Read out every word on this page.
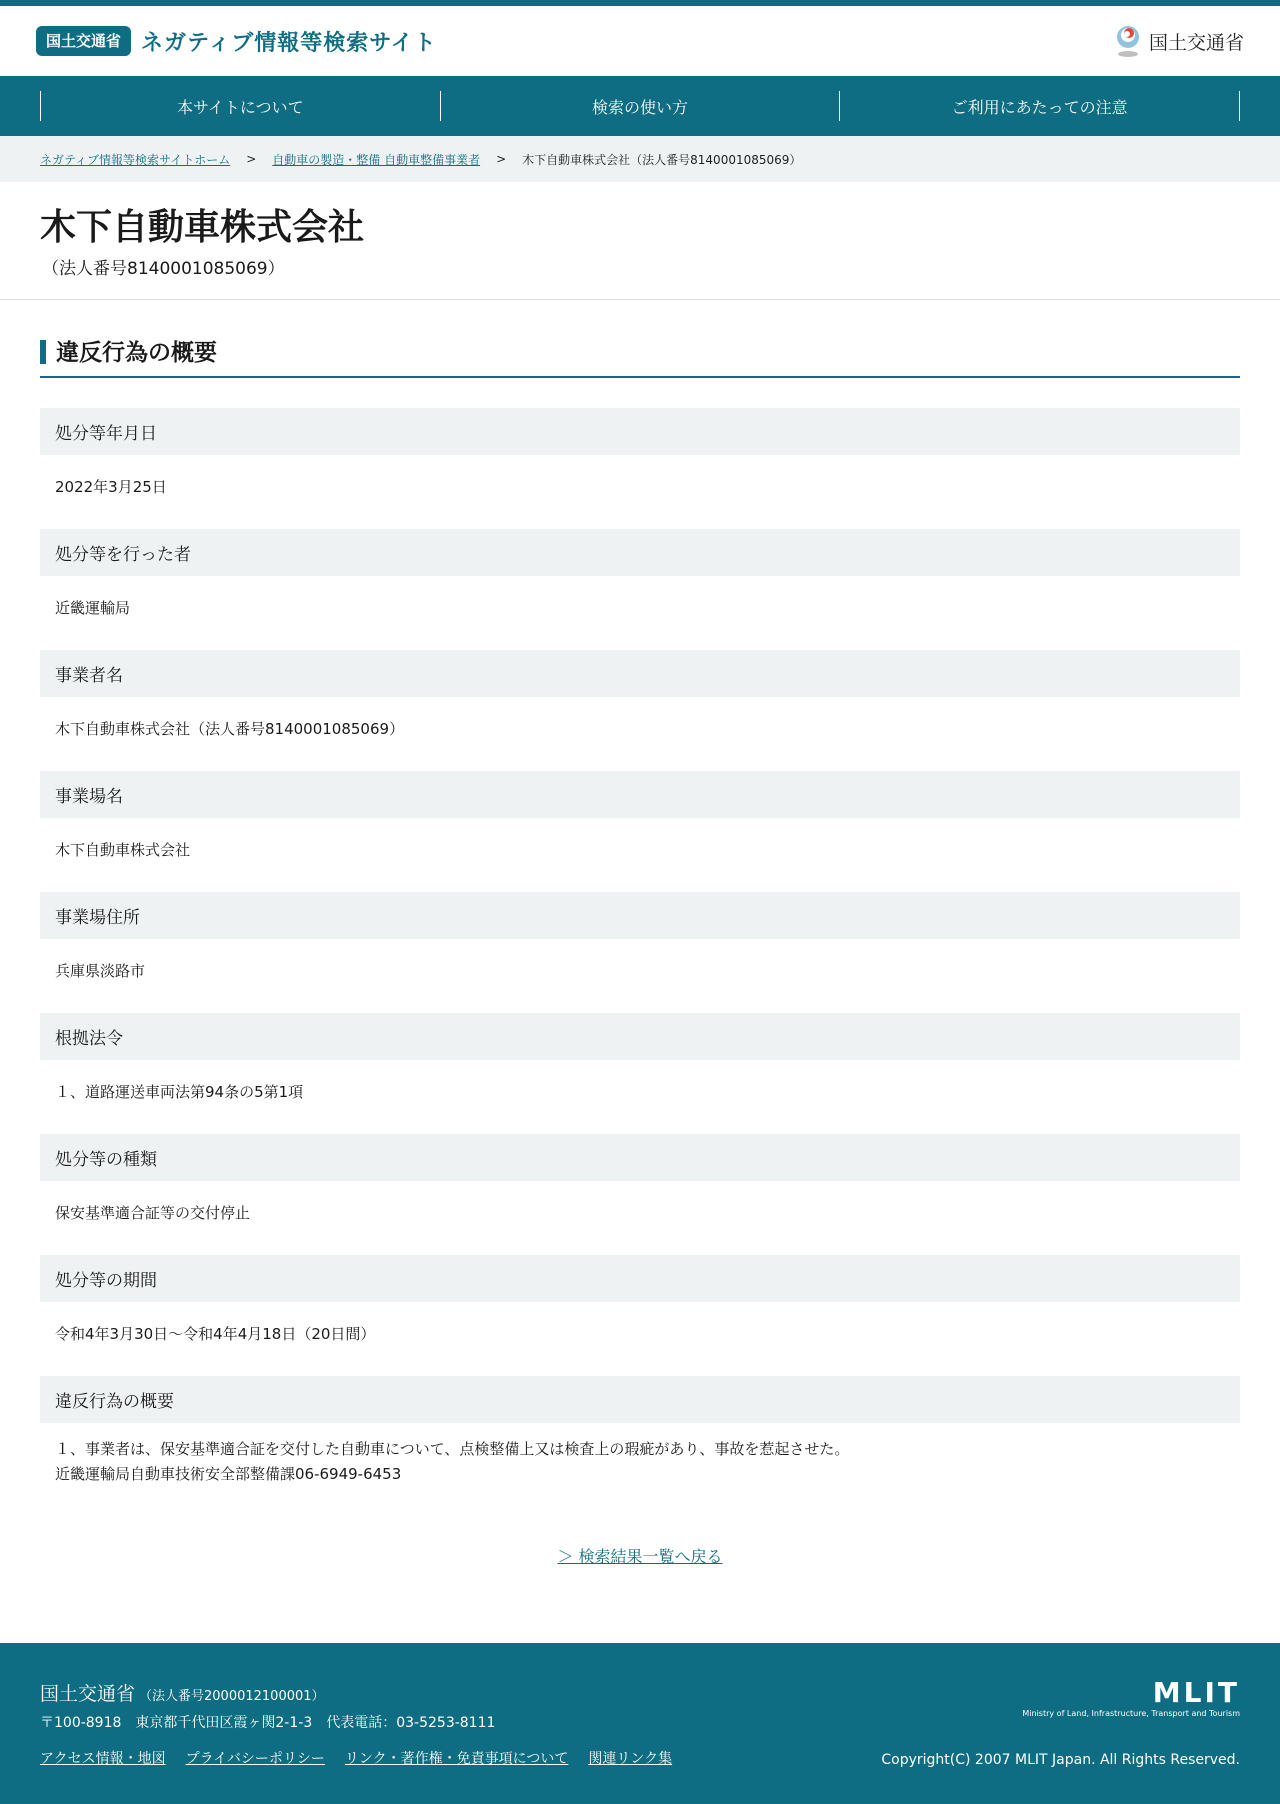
国土交通省 ネガティブ情報等検索サイト	国土交通省
本サイトについて	検索の使い方	ご利用にあたっての注意
ネガティブ情報等検索サイトホーム > 自動車の製造・整備 自動車整備事業者 > 木下自動車株式会社（法人番号8140001085069）
木下自動車株式会社
（法人番号8140001085069）
違反行為の概要
処分等年月日
2022年3月25日
処分等を行った者
近畿運輸局
事業者名
木下自動車株式会社（法人番号8140001085069）
事業場名
木下自動車株式会社
事業場住所
兵庫県淡路市
根拠法令
１、道路運送車両法第94条の5第1項
処分等の種類
保安基準適合証等の交付停止
処分等の期間
令和4年3月30日〜令和4年4月18日（20日間）
違反行為の概要
１、事業者は、保安基準適合証を交付した自動車について、点検整備上又は検査上の瑕疵があり、事故を惹起させた。
近畿運輸局自動車技術安全部整備課06-6949-6453
＞ 検索結果一覧へ戻る
国土交通省 （法人番号2000012100001）
〒100-8918　東京都千代田区霞ヶ関2-1-3　代表電話：03-5253-8111
アクセス情報・地図 プライバシーポリシー リンク・著作権・免責事項について 関連リンク集
MLIT
Ministry of Land, Infrastructure, Transport and Tourism
Copyright(C) 2007 MLIT Japan. All Rights Reserved.
